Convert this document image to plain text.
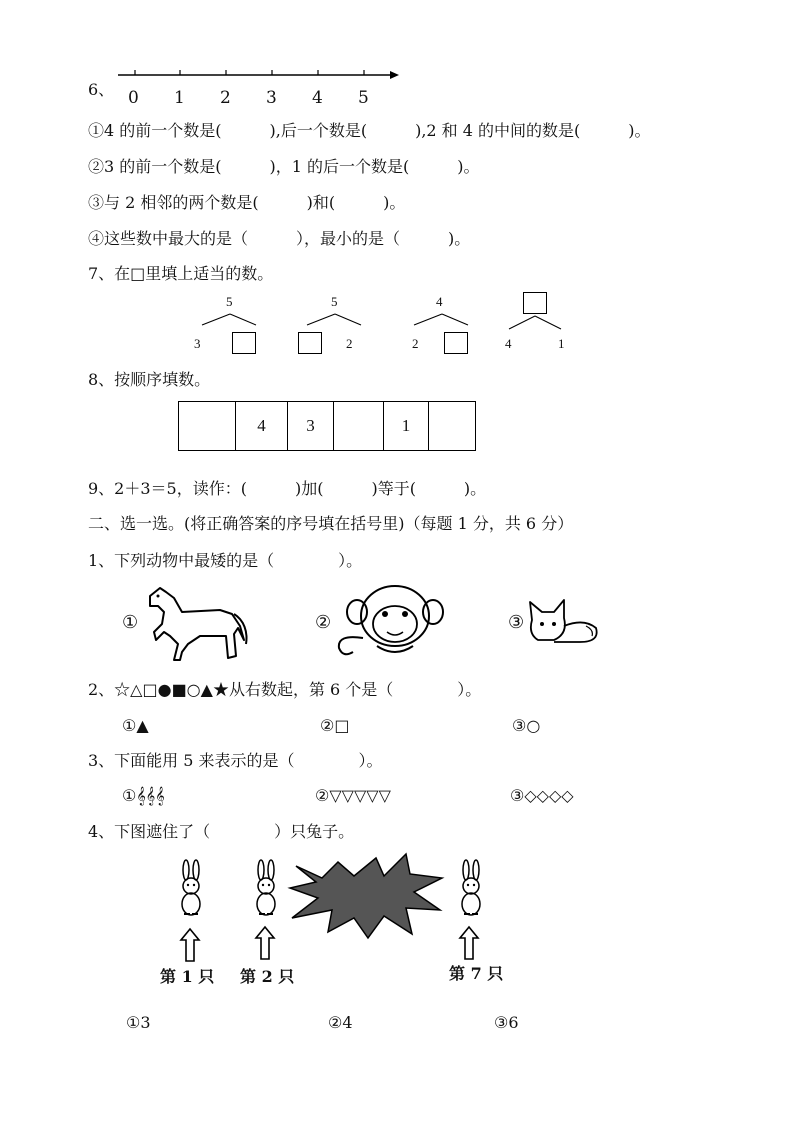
6、 0 1 2 3 4 5
①4 的前一个数是(　　　),后一个数是(　　　),2 和 4 的中间的数是(　　　)。
②3 的前一个数是(　　　)，1 的后一个数是(　　　)。
③与 2 相邻的两个数是(　　　)和(　　　)。
④这些数中最大的是（　　　），最小的是（　　　)。
7、在□里填上适当的数。
5
3
5
2
4
2	4	1
8、按顺序填数。
4	3	1
9、2＋3＝5，读作：(　　　)加(　　　)等于(　　　)。
二、选一选。(将正确答案的序号填在括号里)（每题 1 分，共 6 分）
1、下列动物中最矮的是（　　　　）。
①	②	③
2、☆△□●■○▲★从右数起，第 6 个是（　　　　）。
①▲	②□	③○
3、下面能用 5 来表示的是（　　　　）。
①𝄞𝄞𝄞	②▽▽▽▽▽	③◇◇◇◇
4、下图遮住了（　　　　）只兔子。
第 1 只 第 2 只	第 7 只
①3	②4	③6
